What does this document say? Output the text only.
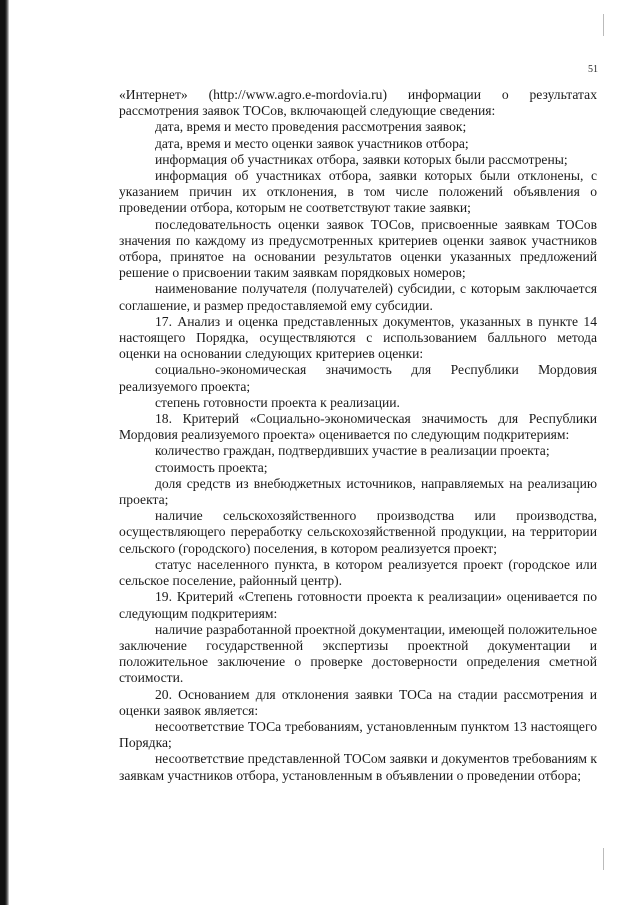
51

«Интернет» (http://www.agro.e-mordovia.ru) информации о результатах рассмотрения заявок ТОСов, включающей следующие сведения:

дата, время и место проведения рассмотрения заявок;

дата, время и место оценки заявок участников отбора;

информация об участниках отбора, заявки которых были рассмотрены;

информация об участниках отбора, заявки которых были отклонены, с указанием причин их отклонения, в том числе положений объявления о проведении отбора, которым не соответствуют такие заявки;

последовательность оценки заявок ТОСов, присвоенные заявкам ТОСов значения по каждому из предусмотренных критериев оценки заявок участников отбора, принятое на основании результатов оценки указанных предложений решение о присвоении таким заявкам порядковых номеров;

наименование получателя (получателей) субсидии, с которым заключается соглашение, и размер предоставляемой ему субсидии.

17. Анализ и оценка представленных документов, указанных в пункте 14 настоящего Порядка, осуществляются с использованием балльного метода оценки на основании следующих критериев оценки:

социально-экономическая значимость для Республики Мордовия реализуемого проекта;

степень готовности проекта к реализации.

18. Критерий «Социально-экономическая значимость для Республики Мордовия реализуемого проекта» оценивается по следующим подкритериям:

количество граждан, подтвердивших участие в реализации проекта;

стоимость проекта;

доля средств из внебюджетных источников, направляемых на реализацию проекта;

наличие сельскохозяйственного производства или производства, осуществляющего переработку сельскохозяйственной продукции, на территории сельского (городского) поселения, в котором реализуется проект;

статус населенного пункта, в котором реализуется проект (городское или сельское поселение, районный центр).

19. Критерий «Степень готовности проекта к реализации» оценивается по следующим подкритериям:

наличие разработанной проектной документации, имеющей положительное заключение государственной экспертизы проектной документации и положительное заключение о проверке достоверности определения сметной стоимости.

20. Основанием для отклонения заявки ТОСа на стадии рассмотрения и оценки заявок является:

несоответствие ТОСа требованиям, установленным пунктом 13 настоящего Порядка;

несоответствие представленной ТОСом заявки и документов требованиям к заявкам участников отбора, установленным в объявлении о проведении отбора;
